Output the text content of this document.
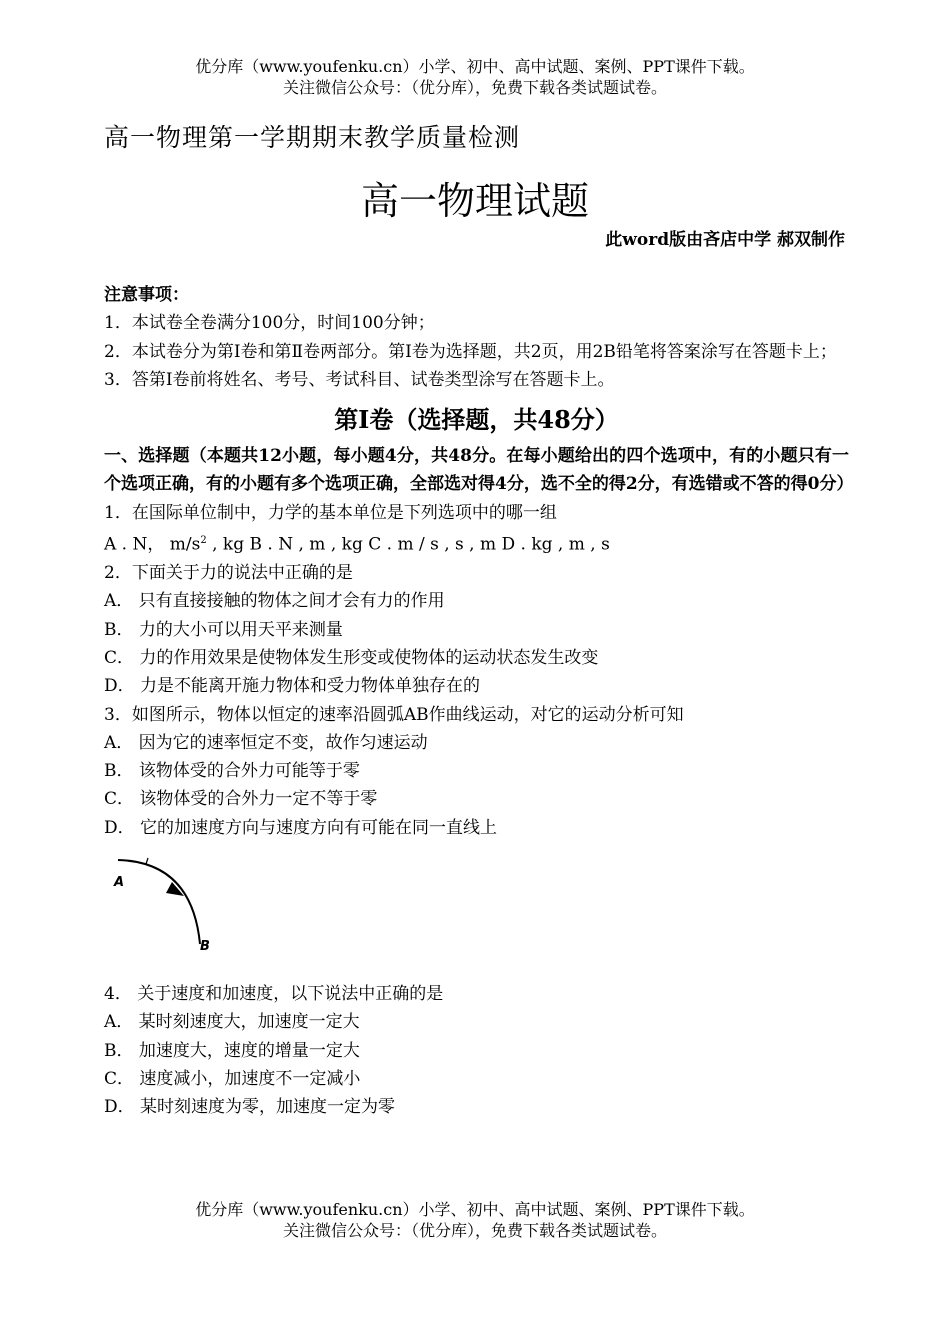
优分库（www.youfenku.cn）小学、初中、高中试题、案例、PPT课件下载。
关注微信公众号：（优分库），免费下载各类试题试卷。
高一物理第一学期期末教学质量检测
高一物理试题
此word版由吝店中学 郝双制作

注意事项：

1．本试卷全卷满分100分，时间100分钟；

2．本试卷分为第Ⅰ卷和第Ⅱ卷两部分。第Ⅰ卷为选择题，共2页，用2B铅笔将答案涂写在答题卡上；

3．答第Ⅰ卷前将姓名、考号、考试科目、试卷类型涂写在答题卡上。

第Ⅰ卷（选择题，共48分）

一、选择题（本题共12小题，每小题4分，共48分。在每小题给出的四个选项中，有的小题只有一个选项正确，有的小题有多个选项正确，全部选对得4分，选不全的得2分，有选错或不答的得0分）

1．在国际单位制中，力学的基本单位是下列选项中的哪一组

A . N， $m/s^2$ , kg B . N , m , kg C . m / s , s , m D . kg , m , s

2．下面关于力的说法中正确的是

A． 只有直接接触的物体之间才会有力的作用

B． 力的大小可以用天平来测量

C． 力的作用效果是使物体发生形变或使物体的运动状态发生改变

D． 力是不能离开施力物体和受力物体单独存在的

3．如图所示，物体以恒定的速率沿圆弧AB作曲线运动，对它的运动分析可知

A． 因为它的速率恒定不变，故作匀速运动

B． 该物体受的合外力可能等于零

C． 该物体受的合外力一定不等于零

D． 它的加速度方向与速度方向有可能在同一直线上

A
B

4． 关于速度和加速度，以下说法中正确的是

A． 某时刻速度大，加速度一定大

B． 加速度大，速度的增量一定大

C． 速度减小，加速度不一定减小

D． 某时刻速度为零，加速度一定为零

优分库（www.youfenku.cn）小学、初中、高中试题、案例、PPT课件下载。
关注微信公众号：（优分库），免费下载各类试题试卷。
